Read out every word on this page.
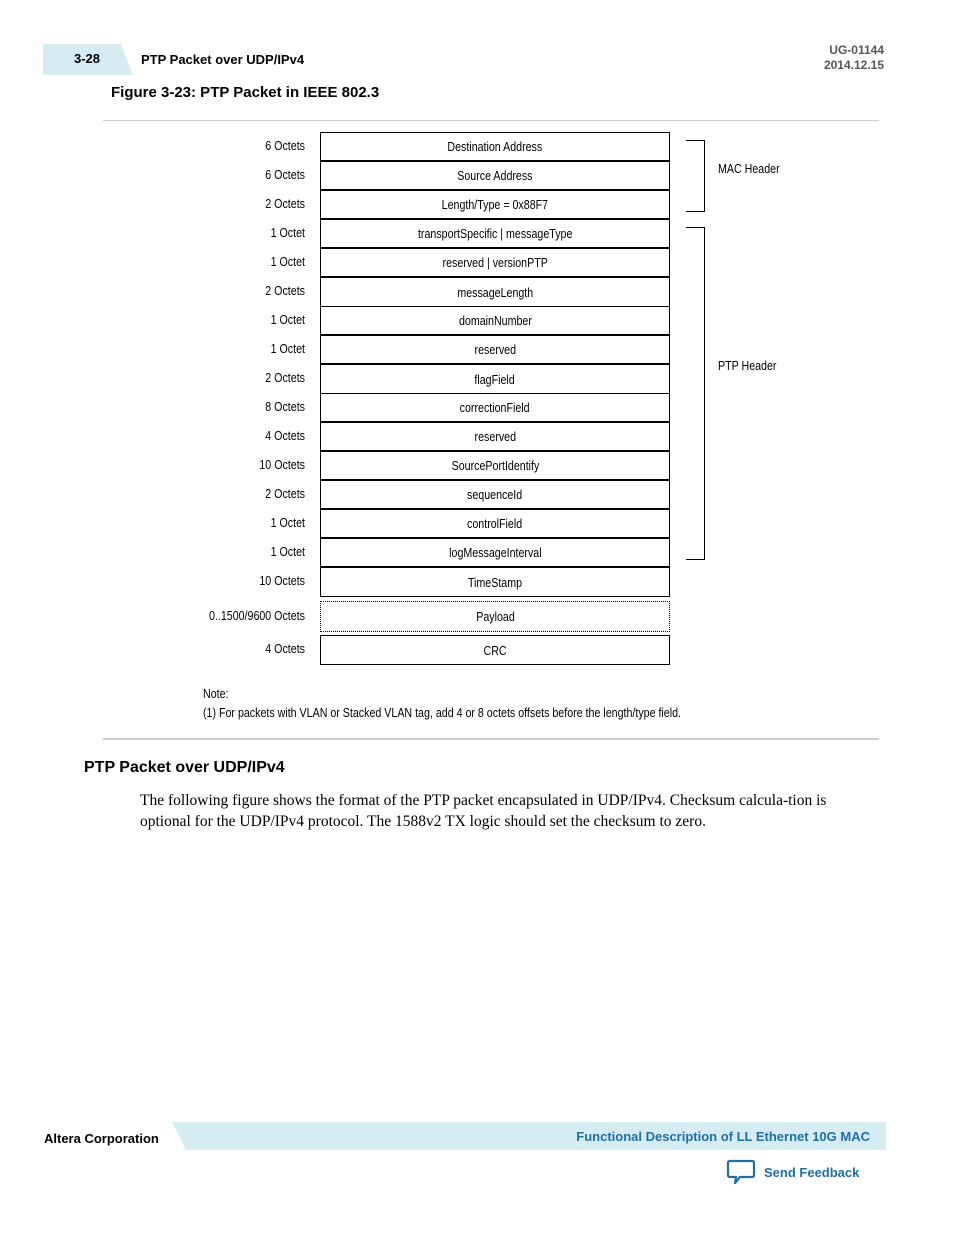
3-28	PTP Packet over UDP/IPv4
UG-01144
2014.12.15
Figure 3-23: PTP Packet in IEEE 802.3
MAC Header
PTP Header
6 Octets	Destination Address
6 Octets	Source Address
2 Octets	Length/Type = 0x88F7
1 Octet	transportSpecific | messageType
1 Octet	reserved | versionPTP
2 Octets	messageLength
1 Octet	domainNumber
1 Octet	reserved
2 Octets	flagField
8 Octets	correctionField
4 Octets	reserved
10 Octets	SourcePortIdentify
2 Octets	sequenceId
1 Octet	controlField
1 Octet	logMessageInterval
10 Octets	TimeStamp
0..1500/9600 Octets	Payload
4 Octets	CRC
Note:
(1) For packets with VLAN or Stacked VLAN tag, add 4 or 8 octets offsets before the length/type field.
PTP Packet over UDP/IPv4
The following figure shows the format of the PTP packet encapsulated in UDP/IPv4. Checksum calcula-tion is optional for the UDP/IPv4 protocol. The 1588v2 TX logic should set the checksum to zero.
Altera Corporation	Functional Description of LL Ethernet 10G MAC
Send Feedback
